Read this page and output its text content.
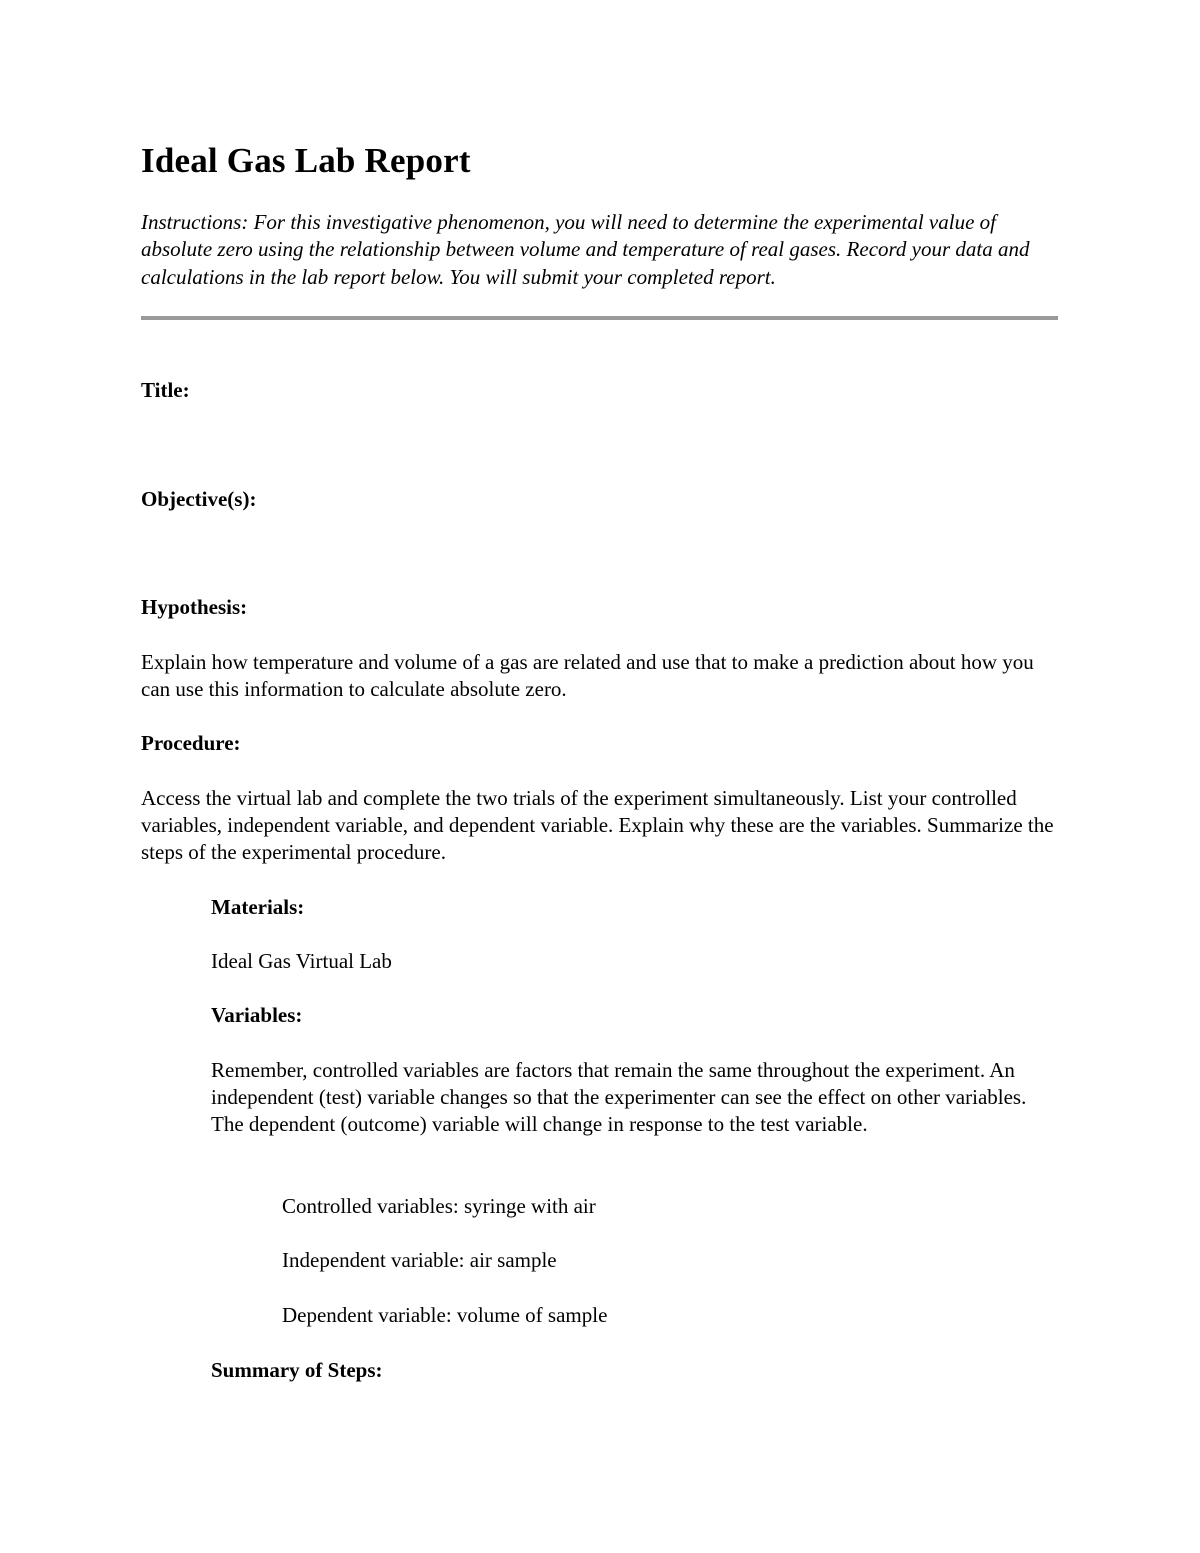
Ideal Gas Lab Report

Instructions: For this investigative phenomenon, you will need to determine the experimental value of absolute zero using the relationship between volume and temperature of real gases. Record your data and calculations in the lab report below. You will submit your completed report.

Title:

Objective(s):

Hypothesis:

Explain how temperature and volume of a gas are related and use that to make a prediction about how you can use this information to calculate absolute zero.

Procedure:

Access the virtual lab and complete the two trials of the experiment simultaneously. List your controlled variables, independent variable, and dependent variable. Explain why these are the variables. Summarize the steps of the experimental procedure.

Materials:

Ideal Gas Virtual Lab

Variables:

Remember, controlled variables are factors that remain the same throughout the experiment. An independent (test) variable changes so that the experimenter can see the effect on other variables. The dependent (outcome) variable will change in response to the test variable.

Controlled variables: syringe with air

Independent variable: air sample

Dependent variable: volume of sample

Summary of Steps:
